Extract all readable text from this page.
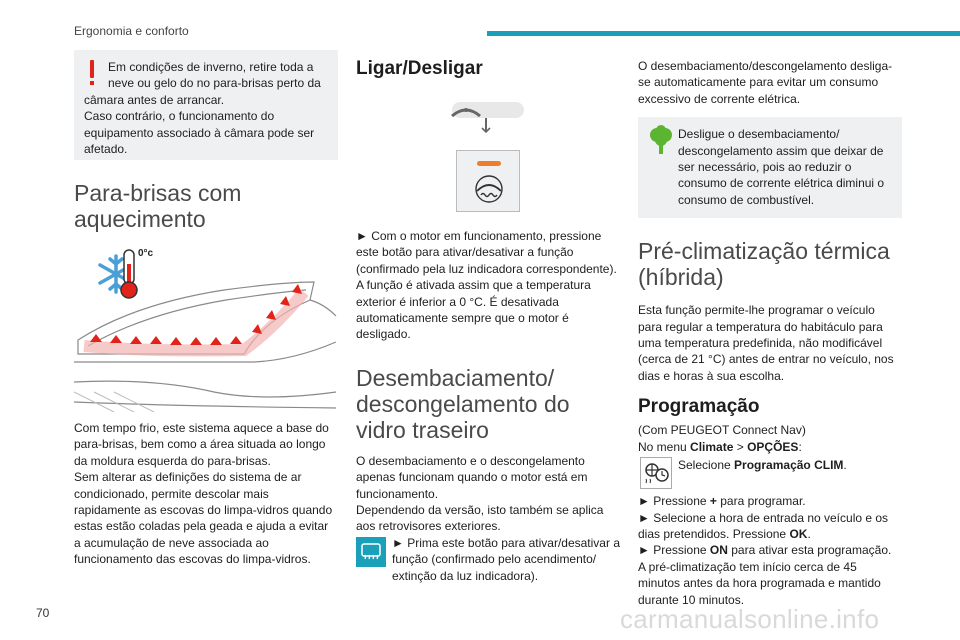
Ergonomia e conforto

Em condições de inverno, retire toda a

neve ou gelo do no para-brisas perto da

câmara antes de arrancar.

Caso contrário, o funcionamento do equipamento associado à câmara pode ser afetado.

Para-brisas com aquecimento
0°c

Com tempo frio, este sistema aquece a base do para-brisas, bem como a área situada ao longo da moldura esquerda do para-brisas.

Sem alterar as definições do sistema de ar condicionado, permite descolar mais rapidamente as escovas do limpa-vidros quando estas estão coladas pela geada e ajuda a evitar a acumulação de neve associada ao funcionamento das escovas do limpa-vidros.

Ligar/Desligar

► Com o motor em funcionamento, pressione este botão para ativar/desativar a função (confirmado pela luz indicadora correspondente).

A função é ativada assim que a temperatura exterior é inferior a 0 °C. É desativada automaticamente sempre que o motor é desligado.

Desembaciamento/ descongelamento do vidro traseiro

O desembaciamento e o descongelamento apenas funcionam quando o motor está em funcionamento.

Dependendo da versão, isto também se aplica aos retrovisores exteriores.

► Prima este botão para ativar/desativar a função (confirmado pelo acendimento/ extinção da luz indicadora).

O desembaciamento/descongelamento desliga-se automaticamente para evitar um consumo excessivo de corrente elétrica.

Desligue o desembaciamento/ descongelamento assim que deixar de ser necessário, pois ao reduzir o consumo de corrente elétrica diminui o consumo de combustível.

Pré-climatização térmica (híbrida)

Esta função permite-lhe programar o veículo para regular a temperatura do habitáculo para uma temperatura predefinida, não modificável (cerca de 21 °C) antes de entrar no veículo, nos dias e horas à sua escolha.

Programação

(Com PEUGEOT Connect Nav)

No menu Climate > OPÇÕES:

Selecione Programação CLIM.

► Pressione + para programar.

► Selecione a hora de entrada no veículo e os dias pretendidos. Pressione OK.

► Pressione ON para ativar esta programação.

A pré-climatização tem início cerca de 45 minutos antes da hora programada e mantido durante 10 minutos.

70	carmanualsonline.info
